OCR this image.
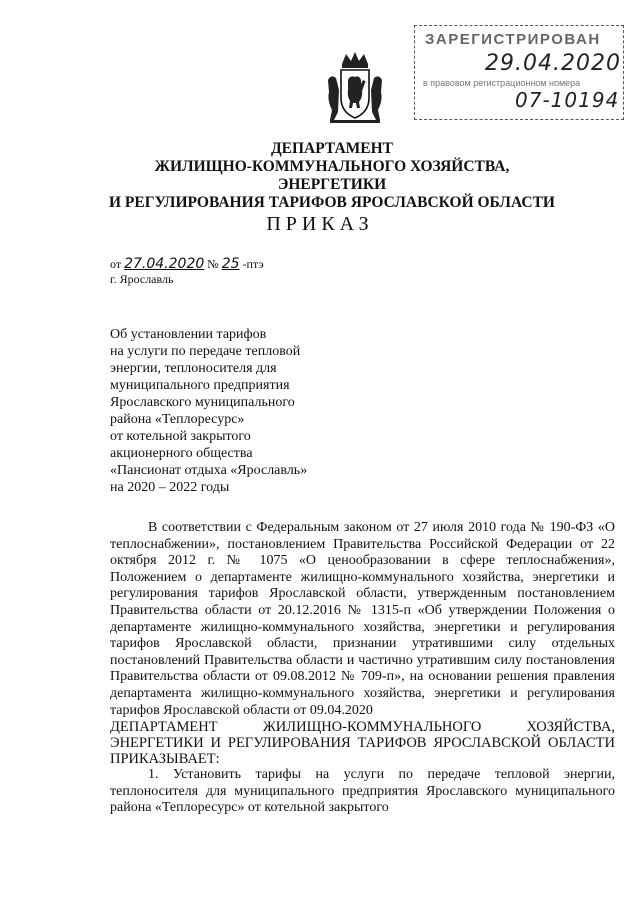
ЗАРЕГИСТРИРОВАН
29.04.2020
в правовом регистрационном номера
07-10194
ДЕПАРТАМЕНТ
ЖИЛИЩНО-КОММУНАЛЬНОГО ХОЗЯЙСТВА, ЭНЕРГЕТИКИ
И РЕГУЛИРОВАНИЯ ТАРИФОВ ЯРОСЛАВСКОЙ ОБЛАСТИ
ПРИКАЗ
от 27.04.2020 № 25 -птэ
г. Ярославль
Об установлении тарифов
на услуги по передаче тепловой
энергии, теплоносителя для
муниципального предприятия
Ярославского муниципального
района «Теплоресурс»
от котельной закрытого
акционерного общества
«Пансионат отдыха «Ярославль»
на 2020 – 2022 годы

В соответствии с Федеральным законом от 27 июля 2010 года № 190-ФЗ «О теплоснабжении», постановлением Правительства Российской Федерации от 22 октября 2012 г. № 1075 «О ценообразовании в сфере теплоснабжения», Положением о департаменте жилищно-коммунального хозяйства, энергетики и регулирования тарифов Ярославской области, утвержденным постановлением Правительства области от 20.12.2016 № 1315-п «Об утверждении Положения о департаменте жилищно-коммунального хозяйства, энергетики и регулирования тарифов Ярославской области, признании утратившими силу отдельных постановлений Правительства области и частично утратившим силу постановления Правительства области от 09.08.2012 № 709-п», на основании решения правления департамента жилищно-коммунального хозяйства, энергетики и регулирования тарифов Ярославской области от 09.04.2020

ДЕПАРТАМЕНТ ЖИЛИЩНО-КОММУНАЛЬНОГО ХОЗЯЙСТВА, ЭНЕРГЕТИКИ И РЕГУЛИРОВАНИЯ ТАРИФОВ ЯРОСЛАВСКОЙ ОБЛАСТИ ПРИКАЗЫВАЕТ:

1. Установить тарифы на услуги по передаче тепловой энергии, теплоносителя для муниципального предприятия Ярославского муниципального района «Теплоресурс» от котельной закрытого
